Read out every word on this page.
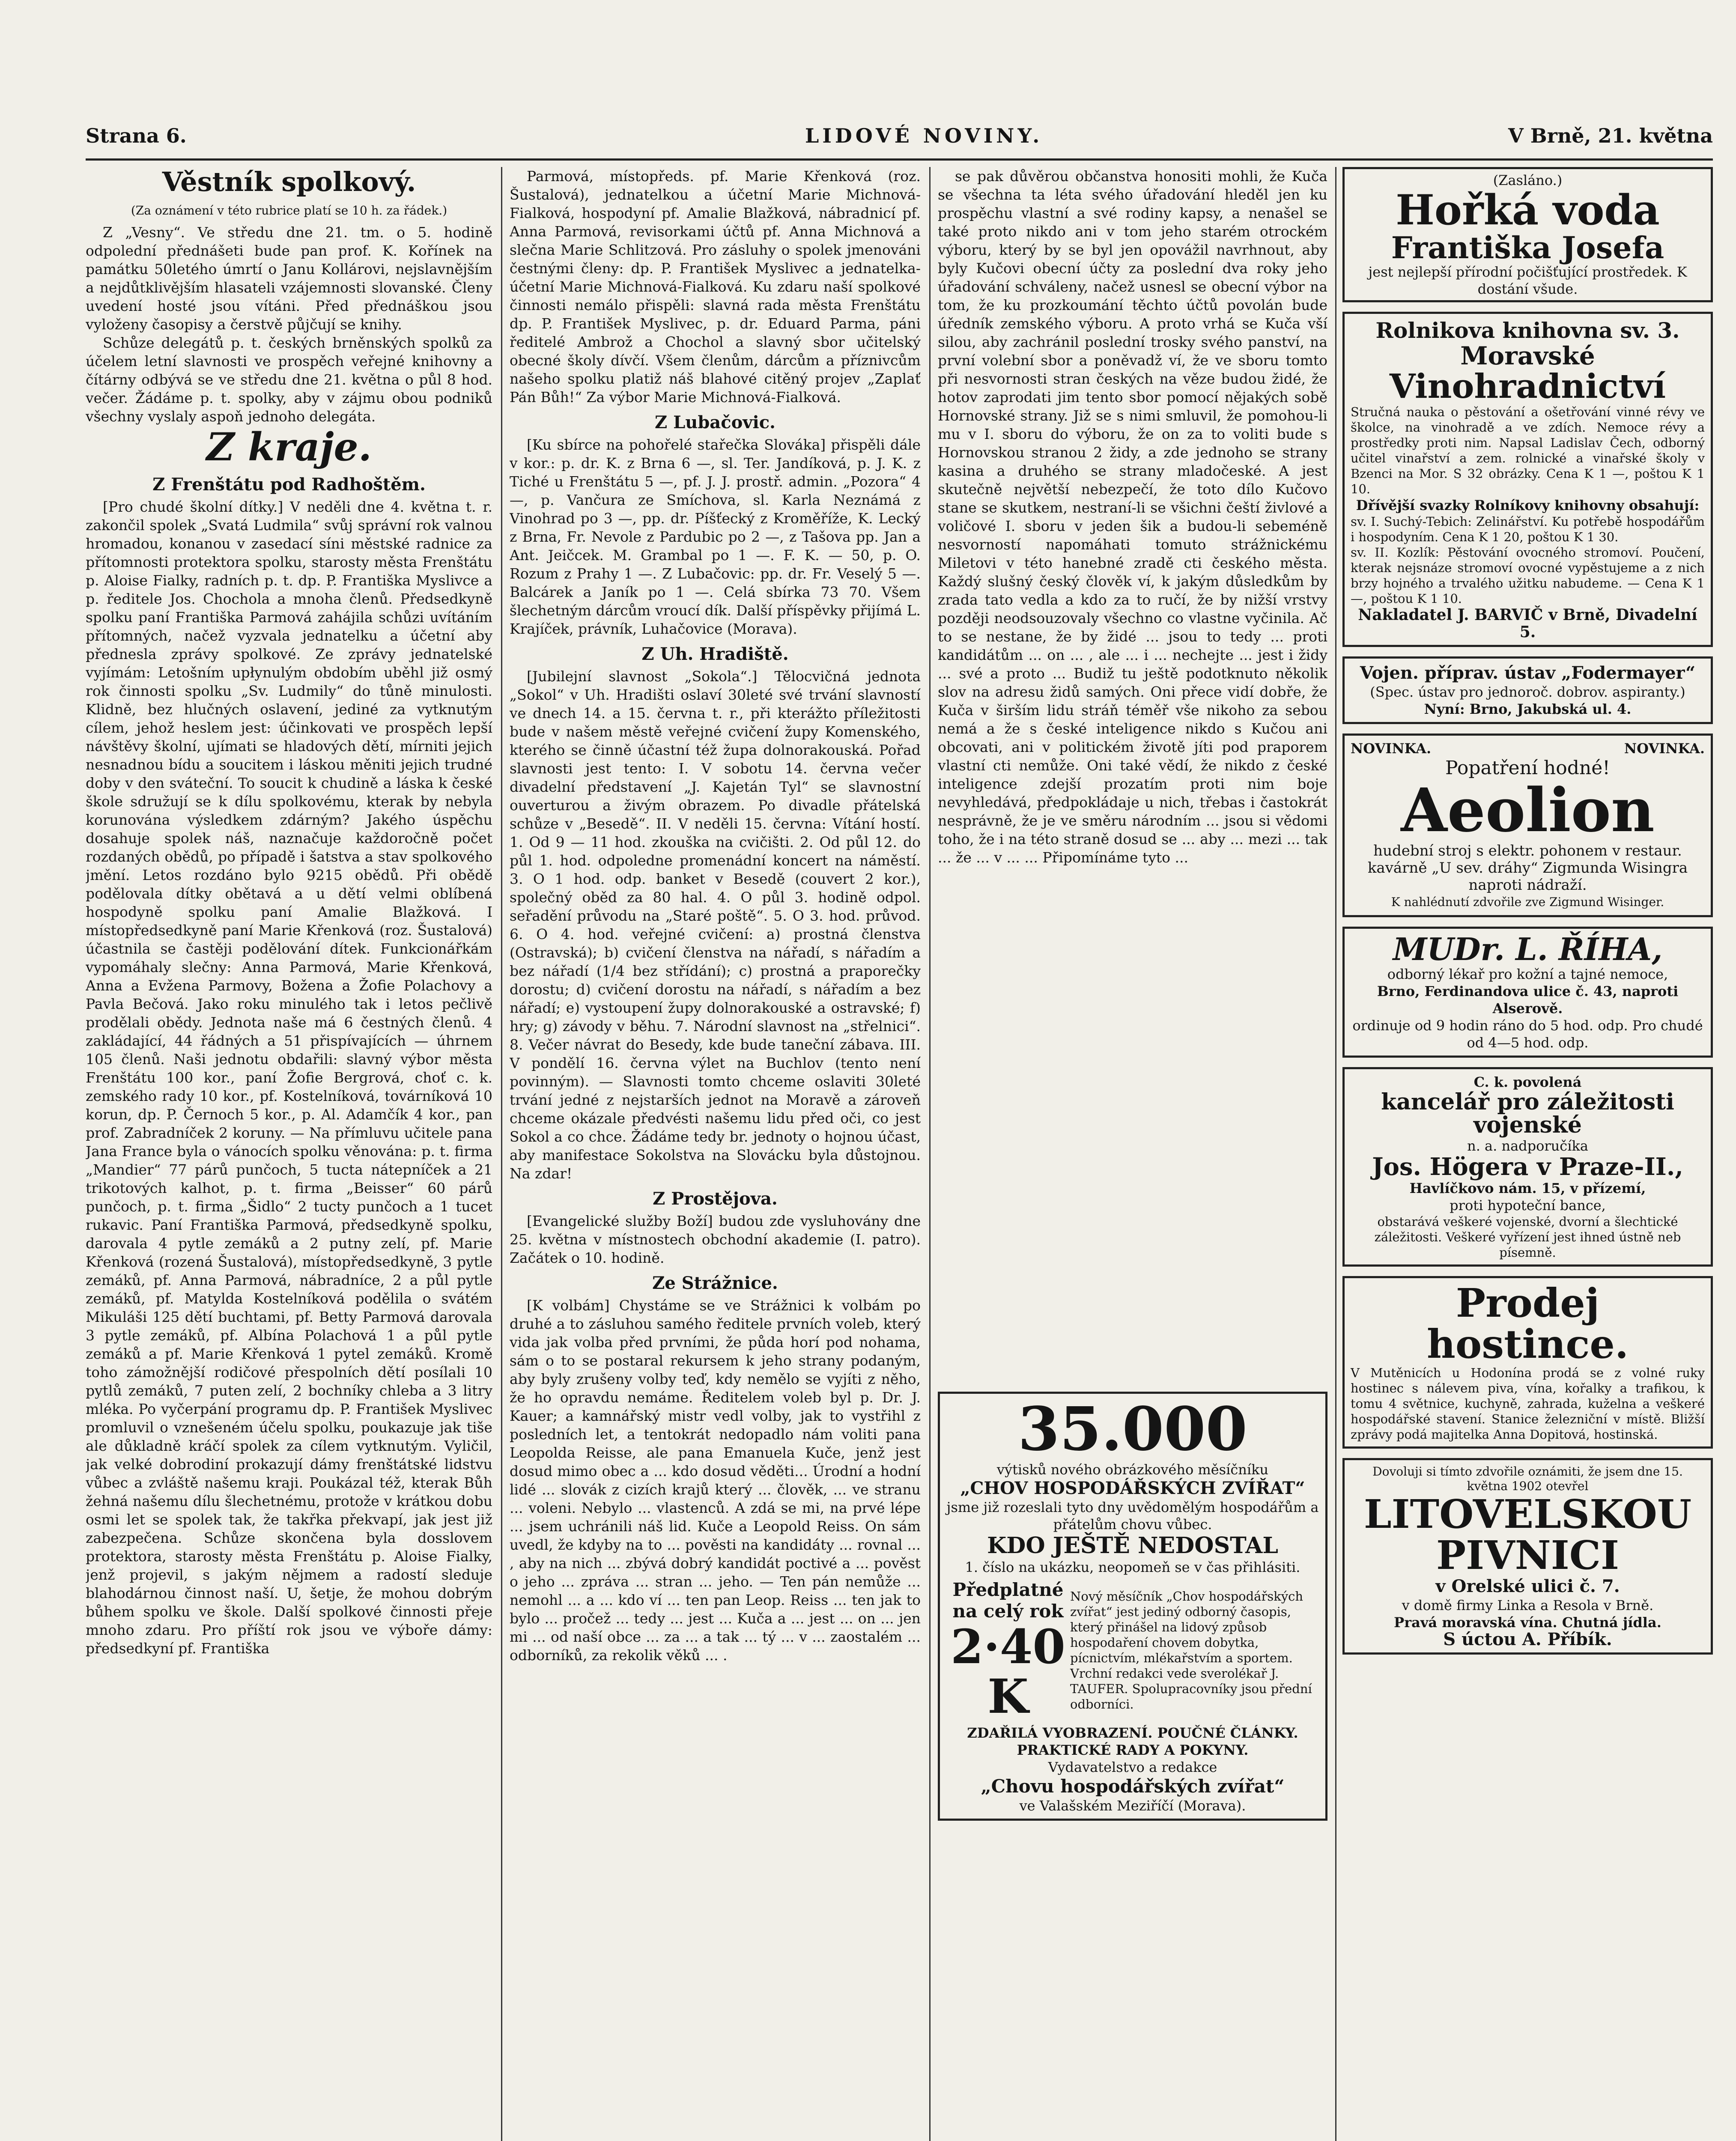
Strana 6.	LIDOVÉ NOVINY.	V Brně, 21. května
Věstník spolkový.
(Za oznámení v této rubrice platí se 10 h. za řádek.)

Z „Vesny“. Ve středu dne 21. tm. o 5. hodině odpolední přednášeti bude pan prof. K. Kořínek na památku 50letého úmrtí o Janu Kollárovi, nejslavnějším a nejdůtklivějším hlasateli vzájemnosti slovanské. Členy uvedení hosté jsou vítáni. Před přednáškou jsou vyloženy časopisy a čerstvě půjčují se knihy.

Schůze delegátů p. t. českých brněnských spolků za účelem letní slavnosti ve prospěch veřejné knihovny a čítárny odbývá se ve středu dne 21. května o půl 8 hod. večer. Žádáme p. t. spolky, aby v zájmu obou podniků všechny vyslaly aspoň jednoho delegáta.

Z kraje.
Z Frenštátu pod Radhoštěm.

[Pro chudé školní dítky.] V neděli dne 4. května t. r. zakončil spolek „Svatá Ludmila“ svůj správní rok valnou hromadou, konanou v zasedací síni městské radnice za přítomnosti protektora spolku, starosty města Frenštátu p. Aloise Fialky, radních p. t. dp. P. Františka Myslivce a p. ředitele Jos. Chochola a mnoha členů. Předsedkyně spolku paní Františka Parmová zahájila schůzi uvítáním přítomných, načež vyzvala jednatelku a účetní aby přednesla zprávy spolkové. Ze zprávy jednatelské vyjímám: Letošním upłynulým obdobím uběhl již osmý rok činnosti spolku „Sv. Ludmily“ do tůně minulosti. Klidně, bez hlučných oslavení, jediné za vytknutým cílem, jehož heslem jest: účinkovati ve prospěch lepší návštěvy školní, ujímati se hladových dětí, mírniti jejich nesnadnou bídu a soucitem i láskou měniti jejich trudné doby v den sváteční. To soucit k chudině a láska k české škole sdružují se k dílu spolkovému, kterak by nebyla korunována výsledkem zdárným? Jakého úspěchu dosahuje spolek náš, naznačuje každoročně počet rozdaných obědů, po případě i šatstva a stav spolkového jmění. Letos rozdáno bylo 9215 obědů. Při obědě podělovala dítky obětavá a u dětí velmi oblíbená hospodyně spolku paní Amalie Blažková. I místopředsedkyně paní Marie Křenková (roz. Šustalová) účastnila se častěji podělování dítek. Funkcionářkám vypomáhaly slečny: Anna Parmová, Marie Křenková, Anna a Evžena Parmovy, Božena a Žofie Polachovy a Pavla Bečová. Jako roku minulého tak i letos pečlivě prodělali obědy. Jednota naše má 6 čestných členů. 4 zakládající, 44 řádných a 51 přispívajících — úhrnem 105 členů. Naši jednotu obdařili: slavný výbor města Frenštátu 100 kor., paní Žofie Bergrová, choť c. k. zemského rady 10 kor., pf. Kostelníková, továrníková 10 korun, dp. P. Černoch 5 kor., p. Al. Adamčík 4 kor., pan prof. Zabradníček 2 koruny. — Na přímluvu učitele pana Jana France byla o vánocích spolku věnována: p. t. firma „Mandier“ 77 párů punčoch, 5 tucta nátepníček a 21 trikotových kalhot, p. t. firma „Beisser“ 60 párů punčoch, p. t. firma „Šidlo“ 2 tucty punčoch a 1 tucet rukavic. Paní Františka Parmová, předsedkyně spolku, darovala 4 pytle zemáků a 2 putny zelí, pf. Marie Křenková (rozená Šustalová), místopředsedkyně, 3 pytle zemáků, pf. Anna Parmová, nábradníce, 2 a půl pytle zemáků, pf. Matylda Kostelníková podělila o svátém Mikuláši 125 dětí buchtami, pf. Betty Parmová darovala 3 pytle zemáků, pf. Albína Polachová 1 a půl pytle zemáků a pf. Marie Křenková 1 pytel zemáků. Kromě toho zámožnější rodičové přespolních dětí posílali 10 pytlů zemáků, 7 puten zelí, 2 bochníky chleba a 3 litry mléka. Po vyčerpání programu dp. P. František Myslivec promluvil o vznešeném účelu spolku, poukazuje jak tiše ale důkladně kráčí spolek za cílem vytknutým. Vyličil, jak velké dobrodiní prokazují dámy frenštátské lidstvu vůbec a zvláště našemu kraji. Poukázal též, kterak Bůh žehná našemu dílu šlechetnému, protože v krátkou dobu osmi let se spolek tak, že takřka překvapí, jak jest již zabezpečena. Schůze skončena byla dosslovem protektora, starosty města Frenštátu p. Aloise Fialky, jenž projevil, s jakým nějmem a radostí sleduje blahodárnou činnost naší. U, šetje, že mohou dobrým bůhem spolku ve škole. Další spolkové činnosti přeje mnoho zdaru. Pro příští rok jsou ve výboře dámy: předsedkyní pf. Františka

Parmová, místopředs. pf. Marie Křenková (roz. Šustalová), jednatelkou a účetní Marie Michnová-Fialková, hospodyní pf. Amalie Blažková, nábradnicí pf. Anna Parmová, revisorkami účtů pf. Anna Michnová a slečna Marie Schlitzová. Pro zásluhy o spolek jmenováni čestnými členy: dp. P. František Myslivec a jednatelka-účetní Marie Michnová-Fialková. Ku zdaru naší spolkové činnosti nemálo přispěli: slavná rada města Frenštátu dp. P. František Myslivec, p. dr. Eduard Parma, páni ředitelé Ambrož a Chochol a slavný sbor učitelský obecné školy dívčí. Všem členům, dárcům a příznivcům našeho spolku platiž náš blahové citěný projev „Zaplať Pán Bůh!“ Za výbor Marie Michnová-Fialková.

Z Lubačovic.

[Ku sbírce na pohořelé stařečka Slováka] přispěli dále v kor.: p. dr. K. z Brna 6 —, sl. Ter. Jandíková, p. J. K. z Tiché u Frenštátu 5 —, pf. J. J. prostř. admin. „Pozora“ 4 —, p. Vančura ze Smíchova, sl. Karla Neznámá z Vinohrad po 3 —, pp. dr. Píšťecký z Kroměříže, K. Lecký z Brna, Fr. Nevole z Pardubic po 2 —, z Tašova pp. Jan a Ant. Jeičcek. M. Grambal po 1 —. F. K. — 50, p. O. Rozum z Prahy 1 —. Z Lubačovic: pp. dr. Fr. Veselý 5 —. Balcárek a Janík po 1 —. Celá sbírka 73 70. Všem šlechetným dárcům vroucí dík. Další příspěvky přijímá L. Krajíček, právník, Luhačovice (Morava).

Z Uh. Hradiště.

[Jubilejní slavnost „Sokola“.] Tělocvičná jednota „Sokol“ v Uh. Hradišti oslaví 30leté své trvání slavností ve dnech 14. a 15. června t. r., při kterážto příležitosti bude v našem městě veřejné cvičení župy Komenského, kterého se činně účastní též župa dolnorakouská. Pořad slavnosti jest tento: I. V sobotu 14. června večer divadelní představení „J. Kajetán Tyl“ se slavnostní ouverturou a živým obrazem. Po divadle přátelská schůze v „Besedě“. II. V neděli 15. června: Vítání hostí. 1. Od 9 — 11 hod. zkouška na cvičišti. 2. Od půl 12. do půl 1. hod. odpoledne promenádní koncert na náměstí. 3. O 1 hod. odp. banket v Besedě (couvert 2 kor.), společný oběd za 80 hal. 4. O půl 3. hodině odpol. seřadění průvodu na „Staré poště“. 5. O 3. hod. průvod. 6. O 4. hod. veřejné cvičení: a) prostná členstva (Ostravská); b) cvičení členstva na nářadí, s nářadím a bez nářadí (1/4 bez střídání); c) prostná a praporečky dorostu; d) cvičení dorostu na nářadí, s nářadím a bez nářadí; e) vystoupení župy dolnorakouské a ostravské; f) hry; g) závody v běhu. 7. Národní slavnost na „střelnici“. 8. Večer návrat do Besedy, kde bude taneční zábava. III. V pondělí 16. června výlet na Buchlov (tento není povinným). — Slavnosti tomto chceme oslaviti 30leté trvání jedné z nejstarších jednot na Moravě a zároveň chceme okázale předvésti našemu lidu před oči, co jest Sokol a co chce. Žádáme tedy br. jednoty o hojnou účast, aby manifestace Sokolstva na Slovácku byla důstojnou. Na zdar!

Z Prostějova.

[Evangelické služby Boží] budou zde vysluhovány dne 25. května v místnostech obchodní akademie (I. patro). Začátek o 10. hodině.

Ze Strážnice.

[K volbám] Chystáme se ve Strážnici k volbám po druhé a to zásluhou samého ředitele prvních voleb, který vida jak volba před prvními, že půda horí pod nohama, sám o to se postaral rekursem k jeho strany podaným, aby byly zrušeny volby teď, kdy nemělo se vyjíti z něho, že ho opravdu nemáme. Ředitelem voleb byl p. Dr. J. Kauer; a kamnářský mistr vedl volby, jak to vystřihl z posledních let, a tentokrát nedopadlo nám voliti pana Leopolda Reisse, ale pana Emanuela Kuče, jenž jest dosud mimo obec a ... kdo dosud věděti... Úrodní a hodní lidé ... slovák z cizích krajů který ... člověk, ... ve stranu ... voleni. Nebylo ... vlastenců. A zdá se mi, na prvé lépe ... jsem uchránili náš lid. Kuče a Leopold Reiss. On sám uvedl, že kdyby na to ... pověsti na kandidáty ... rovnal ... , aby na nich ... zbývá dobrý kandidát poctivé a ... pověst o jeho ... zpráva ... stran ... jeho. — Ten pán nemůže ... nemohl ... a ... kdo ví ... ten pan Leop. Reiss ... ten jak to bylo ... pročež ... tedy ... jest ... Kuča a ... jest ... on ... jen mi ... od naší obce ... za ... a tak ... tý ... v ... zaostalém ... odborníků, za rekolik věků ... .

se pak důvěrou občanstva honositi mohli, že Kuča se všechna ta léta svého úřadování hleděl jen ku prospěchu vlastní a své rodiny kapsy, a nenašel se také proto nikdo ani v tom jeho starém otrockém výboru, který by se byl jen opovážil navrhnout, aby byly Kučovi obecní účty za poslední dva roky jeho úřadování schváleny, načež usnesl se obecní výbor na tom, že ku prozkoumání těchto účtů povolán bude úředník zemského výboru. A proto vrhá se Kuča vší silou, aby zachránil poslední trosky svého panství, na první volební sbor a poněvadž ví, že ve sboru tomto při nesvornosti stran českých na věze budou židé, že hotov zaprodati jim tento sbor pomocí nějakých sobě Hornovské strany. Již se s nimi smluvil, že pomohou-li mu v I. sboru do výboru, že on za to voliti bude s Hornovskou stranou 2 židy, a zde jednoho se strany kasina a druhého se strany mladočeské. A jest skutečně největší nebezpečí, že toto dílo Kučovo stane se skutkem, nestraní-li se všichni čeští živlové a voličové I. sboru v jeden šik a budou-li sebeméně nesvorností napomáhati tomuto strážnickému Miletovi v této hanebné zradě cti českého města. Každý slušný český člověk ví, k jakým důsledkům by zrada tato vedla a kdo za to ručí, že by nižší vrstvy později neodsouzovaly všechno co vlastne vyčinila. Ač to se nestane, že by židé ... jsou to tedy ... proti kandidátům ... on ... , ale ... i ... nechejte ... jest i židy ... své a proto ... Budiž tu ještě podotknuto několik slov na adresu židů samých. Oni přece vidí dobře, že Kuča v širším lidu stráň téměř vše nikoho za sebou nemá a že s české inteligence nikdo s Kučou ani obcovati, ani v politickém životě jíti pod praporem vlastní cti nemůže. Oni také vědí, že nikdo z české inteligence zdejší prozatím proti nim boje nevyhledává, předpokládaje u nich, třebas i častokrát nesprávně, že je ve směru národním ... jsou si vědomi toho, že i na této straně dosud se ... aby ... mezi ... tak ... že ... v ... ... Připomínáme tyto ...

35.000
výtisků nového obrázkového měsíčníku
„CHOV HOSPODÁŘSKÝCH ZVÍŘAT“
jsme již rozeslali tyto dny uvědomělým hospodářům a přátelům chovu vůbec.
KDO JEŠTĚ NEDOSTAL
1. číslo na ukázku, neopomeň se v čas přihlásiti.
Předplatné na celý rok
2·40 K
Nový měsíčník „Chov hospodářských zvířat“ jest jediný odborný časopis, který přinášel na lidový způsob hospodaření chovem dobytka, pícnictvím, mlékařstvím a sportem. Vrchní redakci vede sverolékař J. TAUFER. Spolupracovníky jsou přední odborníci.
ZDAŘILÁ VYOBRAZENÍ. POUČNÉ ČLÁNKY. PRAKTICKÉ RADY A POKYNY.
Vydavatelstvo a redakce
„Chovu hospodářských zvířat“
ve Valašském Meziříčí (Morava).
(Zasláno.)
Hořká voda
Františka Josefa
jest nejlepší přírodní počišťující prostředek. K dostání všude.
Rolnikova knihovna sv. 3.
Moravské
Vinohradnictví
Stručná nauka o pěstování a ošetřování vinné révy ve školce, na vinohradě a ve zdích. Nemoce révy a prostředky proti nim. Napsal Ladislav Čech, odborný učitel vinařství a zem. rolnické a vinařské školy v Bzenci na Mor. S 32 obrázky. Cena K 1 —, poštou K 1 10.
Dřívější svazky Rolníkovy knihovny obsahují:
sv. I. Suchý-Tebich: Zelinářství. Ku potřebě hospodářům i hospodyním. Cena K 1 20, poštou K 1 30.
sv. II. Kozlík: Pěstování ovocného stromoví. Poučení, kterak nejsnáze stromoví ovocné vypěstujeme a z nich brzy hojného a trvalého užitku nabudeme. — Cena K 1 —, poštou K 1 10.
Nakladatel J. BARVIČ v Brně, Divadelní 5.
Vojen. příprav. ústav „Fodermayer“
(Spec. ústav pro jednoroč. dobrov. aspiranty.)
Nyní: Brno, Jakubská ul. 4.
NOVINKA.	NOVINKA.
Popatření hodné!
Aeolion
hudební stroj s elektr. pohonem v restaur. kavárně „U sev. dráhy“ Zigmunda Wisingra naproti nádraží.
K nahlédnutí zdvořile zve Zigmund Wisinger.
MUDr. L. ŘÍHA,
odborný lékař pro kožní a tajné nemoce,
Brno, Ferdinandova ulice č. 43, naproti Alserově.
ordinuje od 9 hodin ráno do 5 hod. odp. Pro chudé od 4—5 hod. odp.
C. k. povolená
kancelář pro záležitosti vojenské
n. a. nadporučíka
Jos. Högera v Praze-II.,
Havlíčkovo nám. 15, v přízemí,
proti hypoteční bance,
obstarává veškeré vojenské, dvorní a šlechtické záležitosti. Veškeré vyřízení jest ihned ústně neb písemně.
Prodej hostince.
V Mutěnicích u Hodonína prodá se z volné ruky hostinec s nálevem piva, vína, kořalky a trafikou, k tomu 4 světnice, kuchyně, zahrada, kuželna a veškeré hospodářské stavení. Stanice železniční v místě. Bližší zprávy podá majitelka Anna Dopitová, hostinská.
Dovoluji si tímto zdvořile oznámiti, že jsem dne 15. května 1902 otevřel
LITOVELSKOU
PIVNICI
v Orelské ulici č. 7.
v domě firmy Linka a Resola v Brně.
Pravá moravská vína. Chutná jídla.
S úctou A. Příbík.
